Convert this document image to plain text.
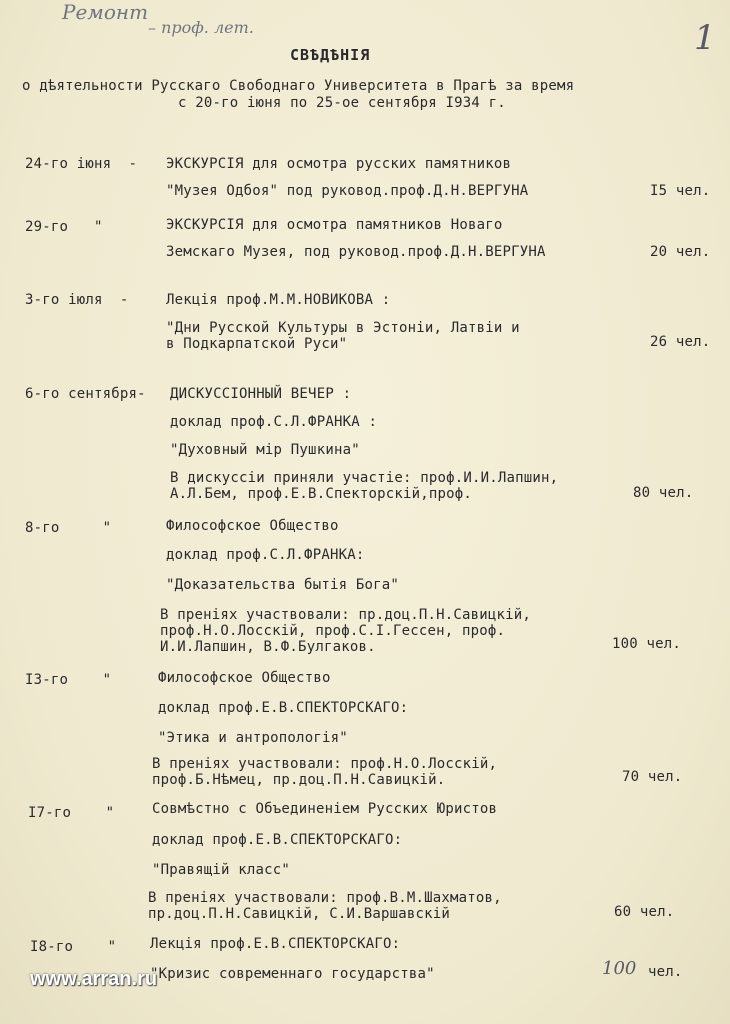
Ремонт
– проф. лет.	1
СВѢДѢНІЯ
о дѣятельности Русскаго Свободнаго Университета в Прагѣ за время
с 20-го іюня по 25-ое сентября I934 г.
24-го іюня  - ЭКСКУРСІЯ для осмотра русских памятников
"Музея Одбоя" под руковод.проф.Д.Н.ВЕРГУНА	I5 чел.
29-го   "	ЭКСКУРСІЯ для осмотра памятников Новаго
Земскаго Музея, под руковод.проф.Д.Н.ВЕРГУНА	20 чел.
3-го іюля  -	Лекція проф.М.М.НОВИКОВА :
"Дни Русской Культуры в Эстоніи, Латвіи и
в Подкарпатской Руси"	26 чел.
6-го сентября- ДИСКУССІОННЫЙ ВЕЧЕР :
доклад проф.С.Л.ФРАНКА :
"Духовный мір Пушкина"
В дискуссіи приняли участіе: проф.И.И.Лапшин,
А.Л.Бем, проф.Е.В.Спекторскій,проф.	80 чел.
8-го     "	Философское Общество
доклад проф.С.Л.ФРАНКА:
"Доказательства бытія Бога"
В преніях участвовали: пр.доц.П.Н.Савицкій,
проф.Н.О.Лосскій, проф.С.І.Гессен, проф.
И.И.Лапшин, В.Ф.Булгаков.	100 чел.
I3-го    "	Философское Общество
доклад проф.Е.В.СПЕКТОРСКАГО:
"Этика и антропологія"
В преніях участвовали: проф.Н.О.Лосскій,
проф.Б.Нѣмец, пр.доц.П.Н.Савицкій.	70 чел.
I7-го    "	Совмѣстно с Объединеніем Русских Юристов
доклад проф.Е.В.СПЕКТОРСКАГО:
"Правящій класс"
В преніях участвовали: проф.В.М.Шахматов,
пр.доц.П.Н.Савицкій, С.И.Варшавскій	60 чел.
I8-го    " Лекція проф.Е.В.СПЕКТОРСКАГО:
"Кризис современнаго государства"	100 чел.
www.arran.ru
